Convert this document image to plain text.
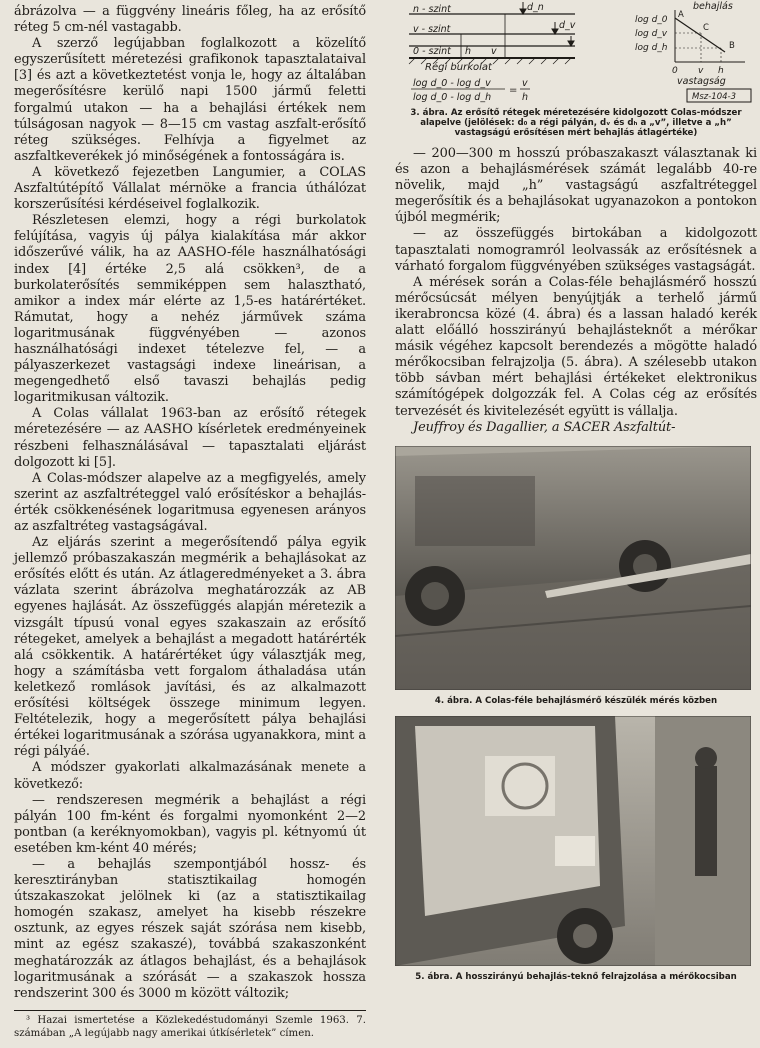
ábrázolva — a függvény lineáris főleg, ha az erősítő réteg 5 cm-nél vastagabb.

A szerző legújabban foglalkozott a közelítő egyszerűsített méretezési grafikonok tapasztalataival [3] és azt a következtetést vonja le, hogy az általában megerősítésre kerülő napi 1500 jármű feletti forgalmú utakon — ha a behajlási értékek nem túlságosan nagyok — 8—15 cm vastag aszfalt-erősítő réteg szükséges. Felhívja a figyelmet az aszfaltkeverékek jó minőségének a fontosságára is.

A következő fejezetben Langumier, a COLAS Aszfaltútépítő Vállalat mérnöke a francia úthálózat korszerűsítési kérdéseivel foglalkozik.

Részletesen elemzi, hogy a régi burkolatok felújítása, vagyis új pálya kialakítása már akkor időszerűvé válik, ha az AASHO-féle használhatósági index [4] értéke 2,5 alá csökken³, de a burkolaterősítés semmiképpen sem halasztható, amikor a index már elérte az 1,5-es határértéket. Rámutat, hogy a nehéz járművek száma logaritmusának függvényében — azonos használhatósági indexet tételezve fel, — a pályaszerkezet vastagsági indexe lineárisan, a megengedhető első tavaszi behajlás pedig logaritmikusan változik.

A Colas vállalat 1963-ban az erősítő rétegek méretezésére — az AASHO kísérletek eredményeinek részbeni felhasználásával — tapasztalati eljárást dolgozott ki [5].

A Colas-módszer alapelve az a megfigyelés, amely szerint az aszfaltréteggel való erősítéskor a behajlás-érték csökkenésének logaritmusa egyenesen arányos az aszfaltréteg vastagságával.

Az eljárás szerint a megerősítendő pálya egyik jellemző próbaszakaszán megmérik a behajlásokat az erősítés előtt és után. Az átlageredményeket a 3. ábra vázlata szerint ábrázolva meghatározzák az AB egyenes hajlását. Az összefüggés alapján méretezik a vizsgált típusú vonal egyes szakaszain az erősítő rétegeket, amelyek a behajlást a megadott határérték alá csökkentik. A határértéket úgy választják meg, hogy a számításba vett forgalom áthaladása után keletkező romlások javítási, és az alkalmazott erősítési költségek összege minimum legyen. Feltételezik, hogy a megerősített pálya behajlási értékei logaritmusának a szórása ugyanakkora, mint a régi pályáé.

A módszer gyakorlati alkalmazásának menete a következő:

— rendszeresen megmérik a behajlást a régi pályán 100 fm-ként és forgalmi nyomonként 2—2 pontban (a keréknyomokban), vagyis pl. kétnyomú út esetében km-ként 40 mérés;

— a behajlás szempontjából hossz- és keresztirányban statisztikailag homogén útszakaszokat jelölnek ki (az a statisztikailag homogén szakasz, amelyet ha kisebb részekre osztunk, az egyes részek saját szórása nem kisebb, mint az egész szakaszé), továbbá szakaszonként meghatározzák az átlagos behajlást, és a behajlások logaritmusának a szórását — a szakaszok hossza rendszerint 300 és 3000 m között változik;

³ Hazai ismertetése a Közlekedéstudományi Szemle 1963. 7. számában „A legújabb nagy amerikai útkísérletek” címen.
n - szint
v - szint
0 - szint h v
d_n
d_v
Régi burkolat
log d_0 - log d_v
log d_0 - log d_h
=
v
h
behajlás
log d_0
log d_v
log d_h
A
C
B
0 v h
vastagság
Msz-104-3
3. ábra. Az erősítő rétegek méretezésére kidolgozott Colas-módszer alapelve (jelölések: d₀ a régi pályán, dᵥ és dₕ a „v”, illetve a „h” vastagságú erősítésen mért behajlás átlagértéke)

— 200—300 m hosszú próbaszakaszt választanak ki és azon a behajlásmérések számát legalább 40-re növelik, majd „h” vastagságú aszfaltréteggel megerősítik és a behajlásokat ugyanazokon a pontokon újból megmérik;

— az összefüggés birtokában a kidolgozott tapasztalati nomogramról leolvassák az erősítésnek a várható forgalom függvényében szükséges vastagságát.

A mérések során a Colas-féle behajlásmérő hosszú mérőcsúcsát mélyen benyújtják a terhelő jármű ikerabroncsa közé (4. ábra) és a lassan haladó kerék alatt előálló hosszirányú behajlásteknőt a mérőkar másik végéhez kapcsolt berendezés a mögötte haladó mérőkocsiban felrajzolja (5. ábra). A szélesebb utakon több sávban mért behajlási értékeket elektronikus számítógépek dolgozzák fel. A Colas cég az erősítés tervezését és kivitelezését együtt is vállalja.

Jeuffroy és Dagallier, a SACER Aszfaltút-

4. ábra. A Colas-féle behajlásmérő készülék mérés közben
5. ábra. A hosszirányú behajlás-teknő felrajzolása a mérőkocsiban
